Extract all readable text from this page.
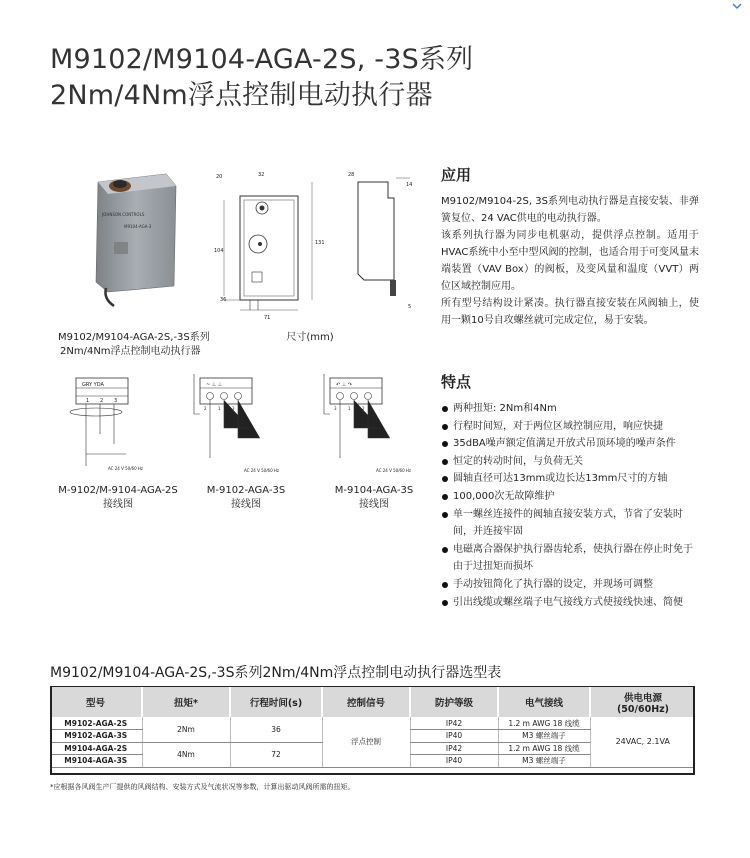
M9102/M9104-AGA-2S, -3S系列
2Nm/4Nm浮点控制电动执行器
JOHNSON CONTROLS
M9104-AGA-3
M9102/M9104-AGA-2S,-3S系列
2Nm/4Nm浮点控制电动执行器
20	32
104
131
36
71
28
14
5
尺寸(mm)
GRY YDA
1 2 3
AC 24 V 50/60 Hz
M-9102/M-9104-AGA-2S
接线图
~ ⊥ ⊥
2	1	3
AC 24 V 50/60 Hz
M-9102-AGA-3S
接线图
↶ ⊥ ↷
3	1	2
AC 24 V 50/60 Hz
M-9104-AGA-3S
接线图
应用

M9102/M9104-2S, 3S系列电动执行器是直接安装、非弹簧复位、24 VAC供电的电动执行器。

该系列执行器为同步电机驱动，提供浮点控制。适用于HVAC系统中小至中型风阀的控制，也适合用于可变风量末端装置（VAV Box）的阀板，及变风量和温度（VVT）两位区域控制应用。

所有型号结构设计紧凑。执行器直接安装在风阀轴上，使用一颗10号自攻螺丝就可完成定位，易于安装。

特点
两种扭矩: 2Nm和4Nm
行程时间短，对于两位区域控制应用，响应快捷
35dBA噪声额定值满足开放式吊顶环境的噪声条件
恒定的转动时间，与负荷无关
圆轴直径可达13mm或边长达13mm尺寸的方轴
100,000次无故障维护
单一螺丝连接件的阀轴直接安装方式，节省了安装时间，并连接牢固
电磁离合器保护执行器齿轮系，使执行器在停止时免于由于过扭矩而损坏
手动按钮简化了执行器的设定，并现场可调整
引出线缆或螺丝端子电气接线方式使接线快速、简便
M9102/M9104-AGA-2S,-3S系列2Nm/4Nm浮点控制电动执行器选型表
型号	扭矩*	行程时间(s)	控制信号	防护等级	电气接线	供电电源
(50/60Hz)

M9102-AGA-2S	2Nm	36	浮点控制	IP42	1.2 m AWG 18 线缆	24VAC, 2.1VA
M9102-AGA-3S				IP40	M3 螺丝端子	
M9104-AGA-2S	4Nm	72		IP42	1.2 m AWG 18 线缆	
M9104-AGA-3S				IP40	M3 螺丝端子	
*应根据各风阀生产厂提供的风阀结构、安装方式及气流状况等参数，计算出驱动风阀所需的扭矩。
